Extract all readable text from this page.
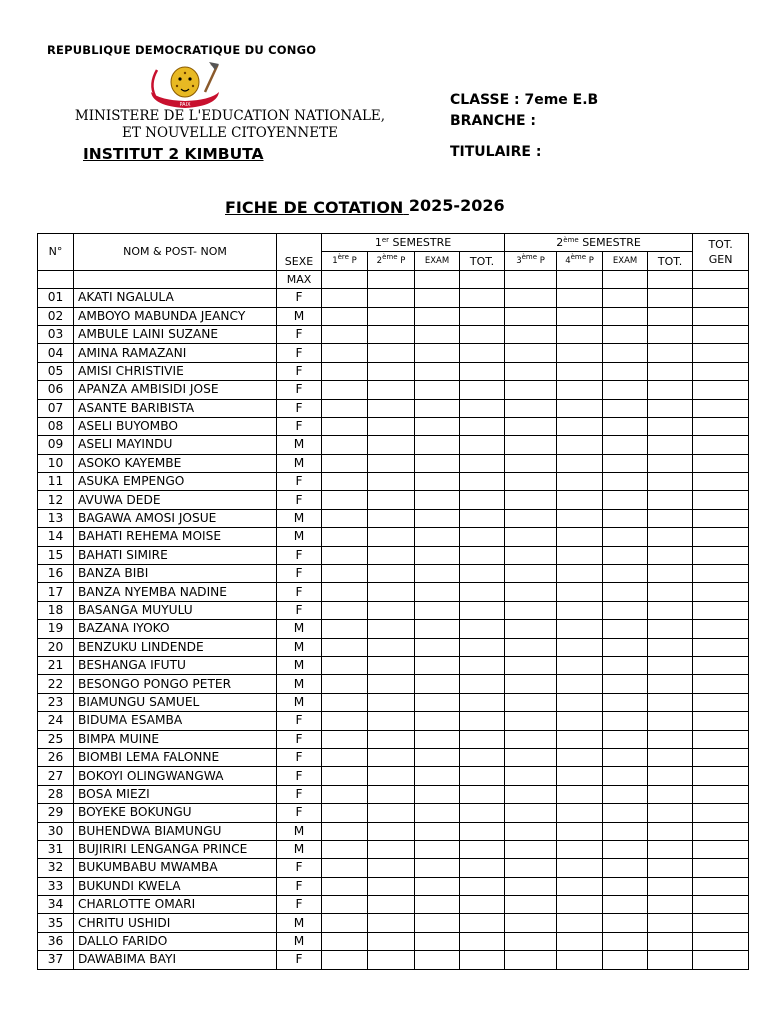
REPUBLIQUE DEMOCRATIQUE DU CONGO
PAIX
MINISTERE DE L'EDUCATION NATIONALE,
ET NOUVELLE CITOYENNETE
INSTITUT 2 KIMBUTA
CLASSE : 7eme E.B
BRANCHE :
TITULAIRE :
FICHE DE COTATION 2025-2026
N°	NOM & POST- NOM	SEXE	1er SEMESTRE				2ème SEMESTRE				TOT.
GEN
			1ère P	2ème P	EXAM	TOT.	3ème P	4ème P	EXAM	TOT.	
		MAX									
01	AKATI NGALULA	F									
02	AMBOYO MABUNDA JEANCY	M									
03	AMBULE LAINI SUZANE	F									
04	AMINA RAMAZANI	F									
05	AMISI CHRISTIVIE	F									
06	APANZA AMBISIDI JOSE	F									
07	ASANTE BARIBISTA	F									
08	ASELI BUYOMBO	F									
09	ASELI MAYINDU	M									
10	ASOKO KAYEMBE	M									
11	ASUKA EMPENGO	F									
12	AVUWA DEDE	F									
13	BAGAWA AMOSI JOSUE	M									
14	BAHATI REHEMA MOISE	M									
15	BAHATI SIMIRE	F									
16	BANZA BIBI	F									
17	BANZA NYEMBA NADINE	F									
18	BASANGA MUYULU	F									
19	BAZANA IYOKO	M									
20	BENZUKU LINDENDE	M									
21	BESHANGA IFUTU	M									
22	BESONGO PONGO PETER	M									
23	BIAMUNGU SAMUEL	M									
24	BIDUMA ESAMBA	F									
25	BIMPA MUINE	F									
26	BIOMBI LEMA FALONNE	F									
27	BOKOYI OLINGWANGWA	F									
28	BOSA MIEZI	F									
29	BOYEKE BOKUNGU	F									
30	BUHENDWA BIAMUNGU	M									
31	BUJIRIRI LENGANGA PRINCE	M									
32	BUKUMBABU MWAMBA	F									
33	BUKUNDI KWELA	F									
34	CHARLOTTE OMARI	F									
35	CHRITU USHIDI	M									
36	DALLO FARIDO	M									
37	DAWABIMA BAYI	F									
